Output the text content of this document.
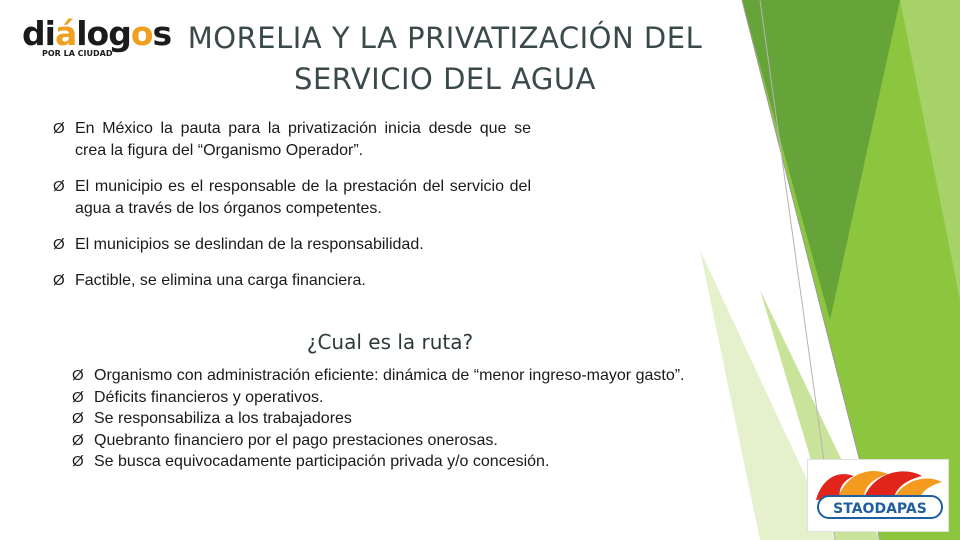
diálogos
POR LA CIUDAD	MORELIA Y LA PRIVATIZACIÓN DEL
SERVICIO DEL AGUA
Ø En México la pauta para la privatización inicia desde que se crea la figura del “Organismo Operador”.
Ø El municipio es el responsable de la prestación del servicio del agua a través de los órganos competentes.
Ø El municipios se deslindan de la responsabilidad.
Ø Factible, se elimina una carga financiera.
¿Cual es la ruta?
Ø Organismo con administración eficiente: dinámica de “menor ingreso-mayor gasto”.
Ø Déficits financieros y operativos.
Ø Se responsabiliza a los trabajadores
Ø Quebranto financiero por el pago prestaciones onerosas.
Ø Se busca equivocadamente participación privada y/o concesión.
STAODAPAS
